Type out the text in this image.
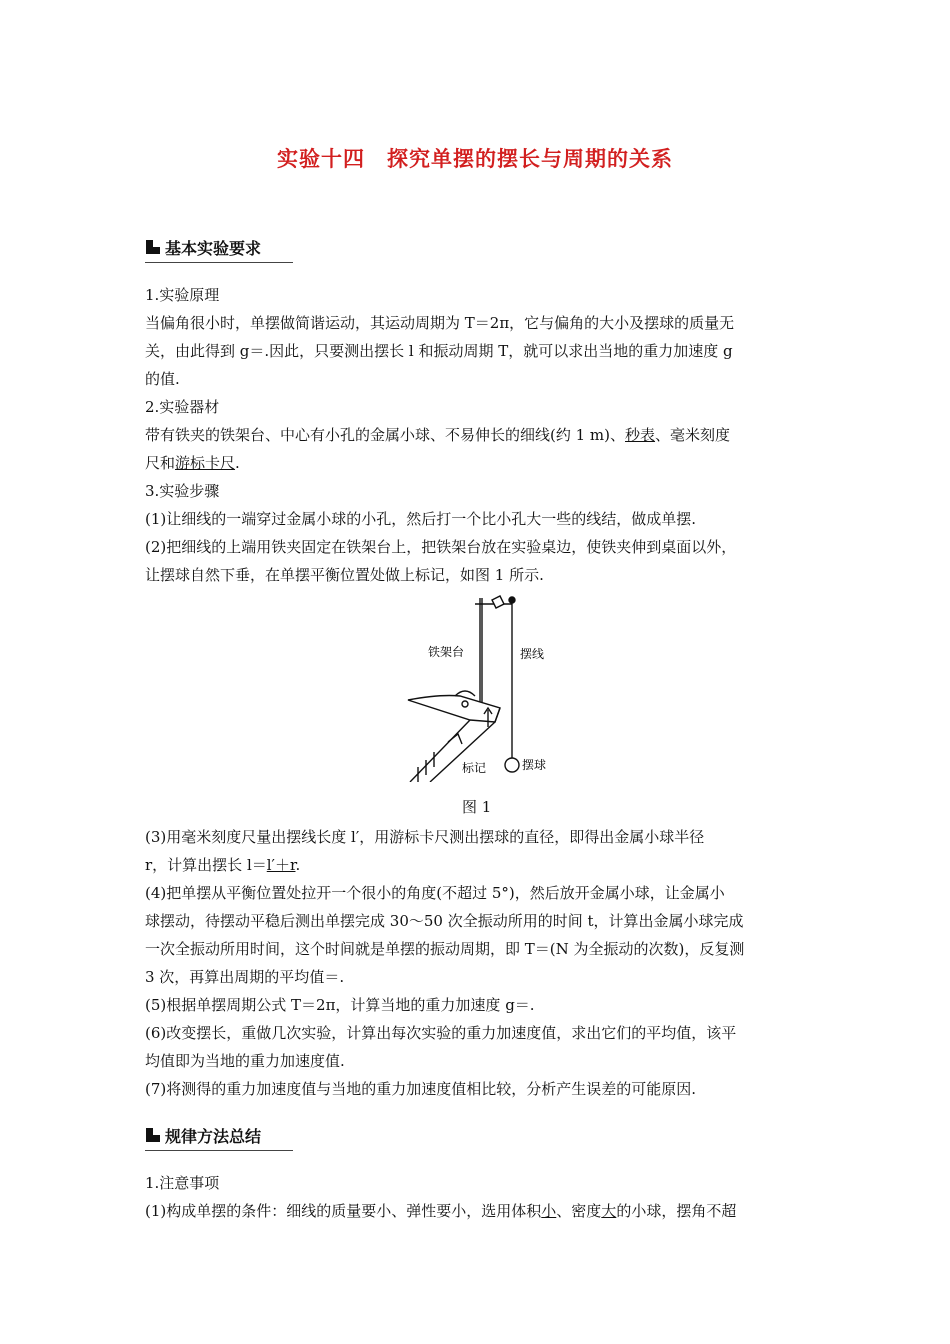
实验十四　探究单摆的摆长与周期的关系
基本实验要求
1.实验原理
当偏角很小时，单摆做简谐运动，其运动周期为 T＝2π，它与偏角的大小及摆球的质量无
关，由此得到 g＝.因此，只要测出摆长 l 和振动周期 T，就可以求出当地的重力加速度 g
的值.
2.实验器材
带有铁夹的铁架台、中心有小孔的金属小球、不易伸长的细线(约 1 m)、秒表、毫米刻度
尺和游标卡尺.
3.实验步骤
(1)让细线的一端穿过金属小球的小孔，然后打一个比小孔大一些的线结，做成单摆.
(2)把细线的上端用铁夹固定在铁架台上，把铁架台放在实验桌边，使铁夹伸到桌面以外，
让摆球自然下垂，在单摆平衡位置处做上标记，如图 1 所示.
铁架台	摆线
标记	摆球
图 1
(3)用毫米刻度尺量出摆线长度 l′，用游标卡尺测出摆球的直径，即得出金属小球半径
r，计算出摆长 l＝l′＋r.
(4)把单摆从平衡位置处拉开一个很小的角度(不超过 5°)，然后放开金属小球，让金属小
球摆动，待摆动平稳后测出单摆完成 30～50 次全振动所用的时间 t，计算出金属小球完成
一次全振动所用时间，这个时间就是单摆的振动周期，即 T＝(N 为全振动的次数)，反复测
3 次，再算出周期的平均值＝.
(5)根据单摆周期公式 T＝2π，计算当地的重力加速度 g＝.
(6)改变摆长，重做几次实验，计算出每次实验的重力加速度值，求出它们的平均值，该平
均值即为当地的重力加速度值.
(7)将测得的重力加速度值与当地的重力加速度值相比较，分析产生误差的可能原因.
规律方法总结
1.注意事项
(1)构成单摆的条件：细线的质量要小、弹性要小，选用体积小、密度大的小球，摆角不超
